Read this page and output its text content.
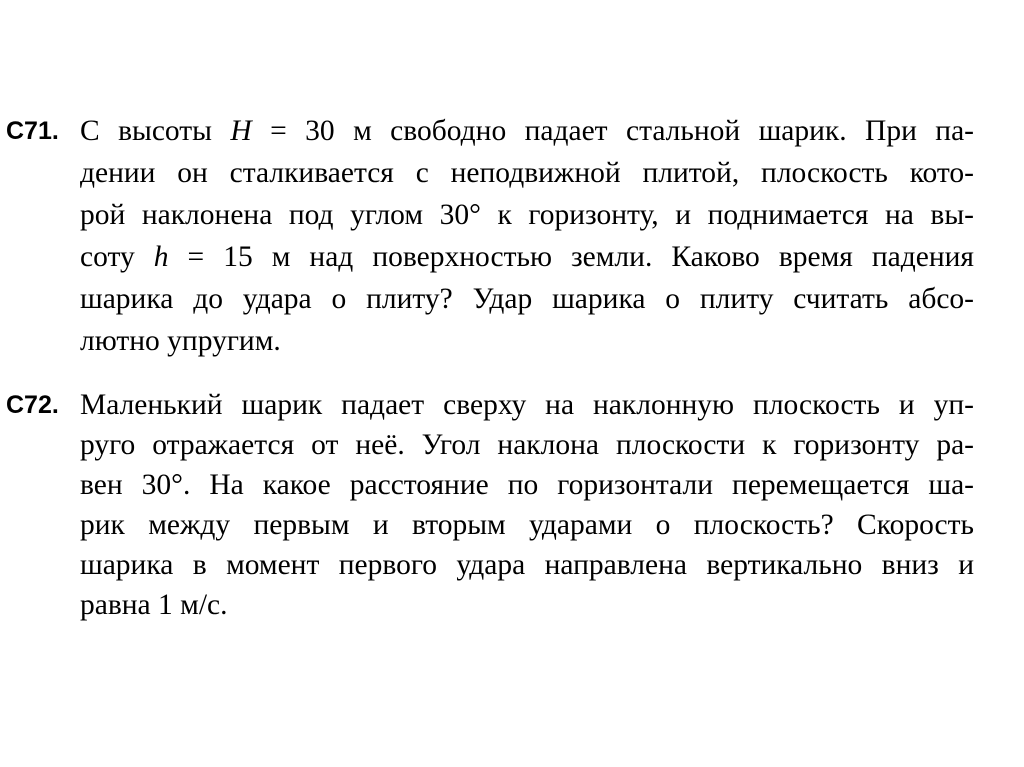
C71. С высоты H = 30 м свободно падает стальной шарик. При па-
дении он сталкивается с неподвижной плитой, плоскость кото-
рой наклонена под углом 30° к горизонту, и поднимается на вы-
соту h = 15 м над поверхностью земли. Каково время падения
шарика до удара о плиту? Удар шарика о плиту считать абсо-
лютно упругим.
C72. Маленький шарик падает сверху на наклонную плоскость и уп-
руго отражается от неё. Угол наклона плоскости к горизонту ра-
вен 30°. На какое расстояние по горизонтали перемещается ша-
рик между первым и вторым ударами о плоскость? Скорость
шарика в момент первого удара направлена вертикально вниз и
равна 1 м/с.
